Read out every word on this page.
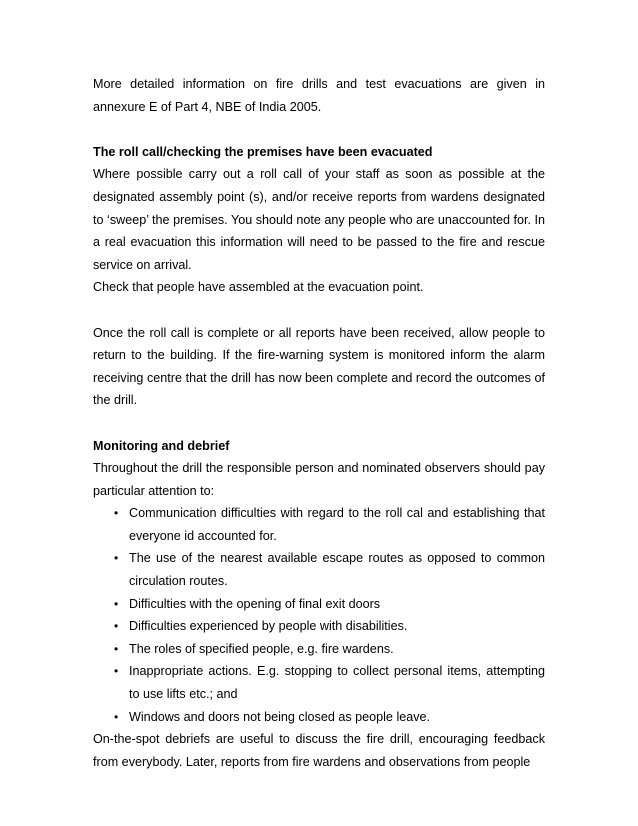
More detailed information on fire drills and test evacuations are given in annexure E of Part 4, NBE of India 2005.

The roll call/checking the premises have been evacuated

Where possible carry out a roll call of your staff as soon as possible at the designated assembly point (s), and/or receive reports from wardens designated to ‘sweep’ the premises. You should note any people who are unaccounted for. In a real evacuation this information will need to be passed to the fire and rescue service on arrival.

Check that people have assembled at the evacuation point.

Once the roll call is complete or all reports have been received, allow people to return to the building. If the fire-warning system is monitored inform the alarm receiving centre that the drill has now been complete and record the outcomes of the drill.

Monitoring and debrief

Throughout the drill the responsible person and nominated observers should pay particular attention to:

• Communication difficulties with regard to the roll cal and establishing that everyone id accounted for.
• The use of the nearest available escape routes as opposed to common circulation routes.
• Difficulties with the opening of final exit doors
• Difficulties experienced by people with disabilities.
• The roles of specified people, e.g. fire wardens.
• Inappropriate actions. E.g. stopping to collect personal items, attempting to use lifts etc.; and
• Windows and doors not being closed as people leave.

On-the-spot debriefs are useful to discuss the fire drill, encouraging feedback from everybody. Later, reports from fire wardens and observations from people
